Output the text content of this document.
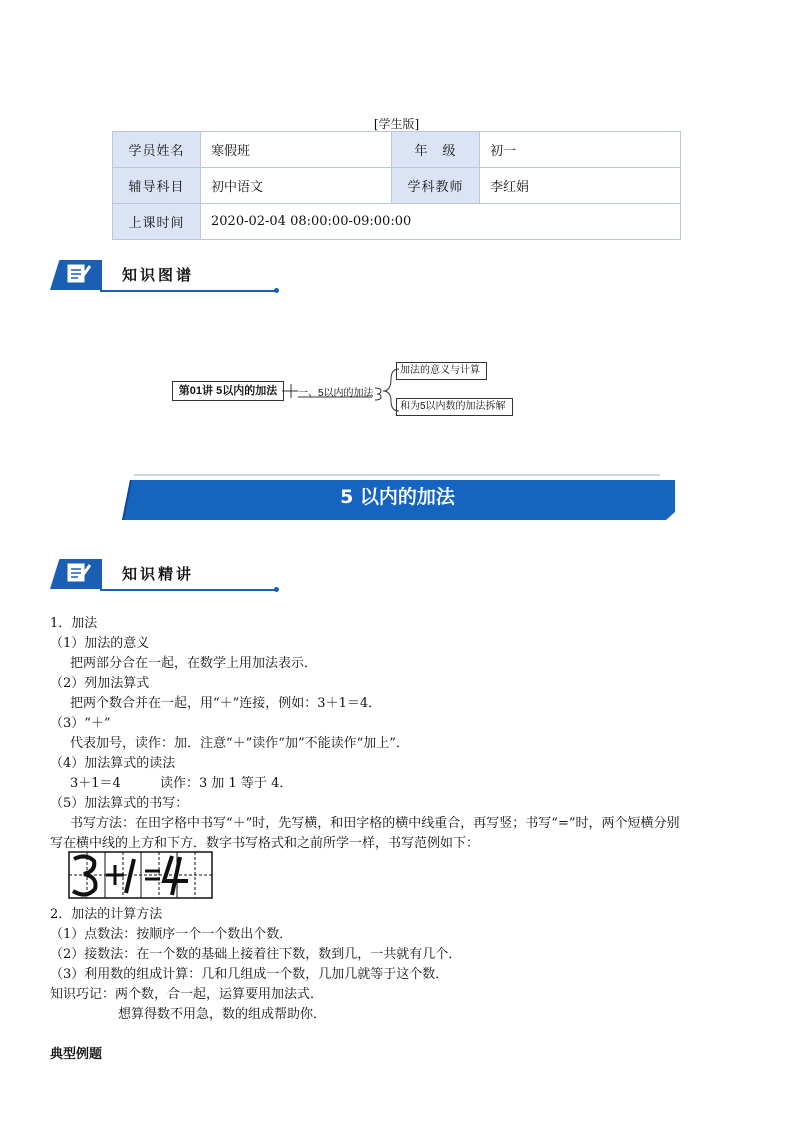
[学生版]
学员姓名	寒假班	年　级	初一
辅导科目	初中语文	学科教师	李红娟
上课时间	2020-02-04 08:00:00-09:00:00		
知识图谱
第01讲 5以内的加法	一、5以内的加法
加法的意义与计算
和为5以内数的加法拆解
5 以内的加法
知识精讲
1．加法
（1）加法的意义
把两部分合在一起，在数学上用加法表示．
（2）列加法算式
把两个数合并在一起，用“＋”连接，例如：3＋1＝4．
（3）“＋”
代表加号，读作：加．注意“＋”读作“加”不能读作“加上”．
（4）加法算式的读法
3＋1＝4	读作：3 加 1 等于 4．
（5）加法算式的书写：
书写方法：在田字格中书写“＋”时，先写横，和田字格的横中线重合，再写竖；书写“=”时，两个短横分别
写在横中线的上方和下方．数字书写格式和之前所学一样，书写范例如下：
2．加法的计算方法
（1）点数法：按顺序一个一个数出个数．
（2）接数法：在一个数的基础上接着往下数，数到几，一共就有几个．
（3）利用数的组成计算：几和几组成一个数，几加几就等于这个数．
知识巧记：两个数，合一起，运算要用加法式．
想算得数不用急，数的组成帮助你．
典型例题
